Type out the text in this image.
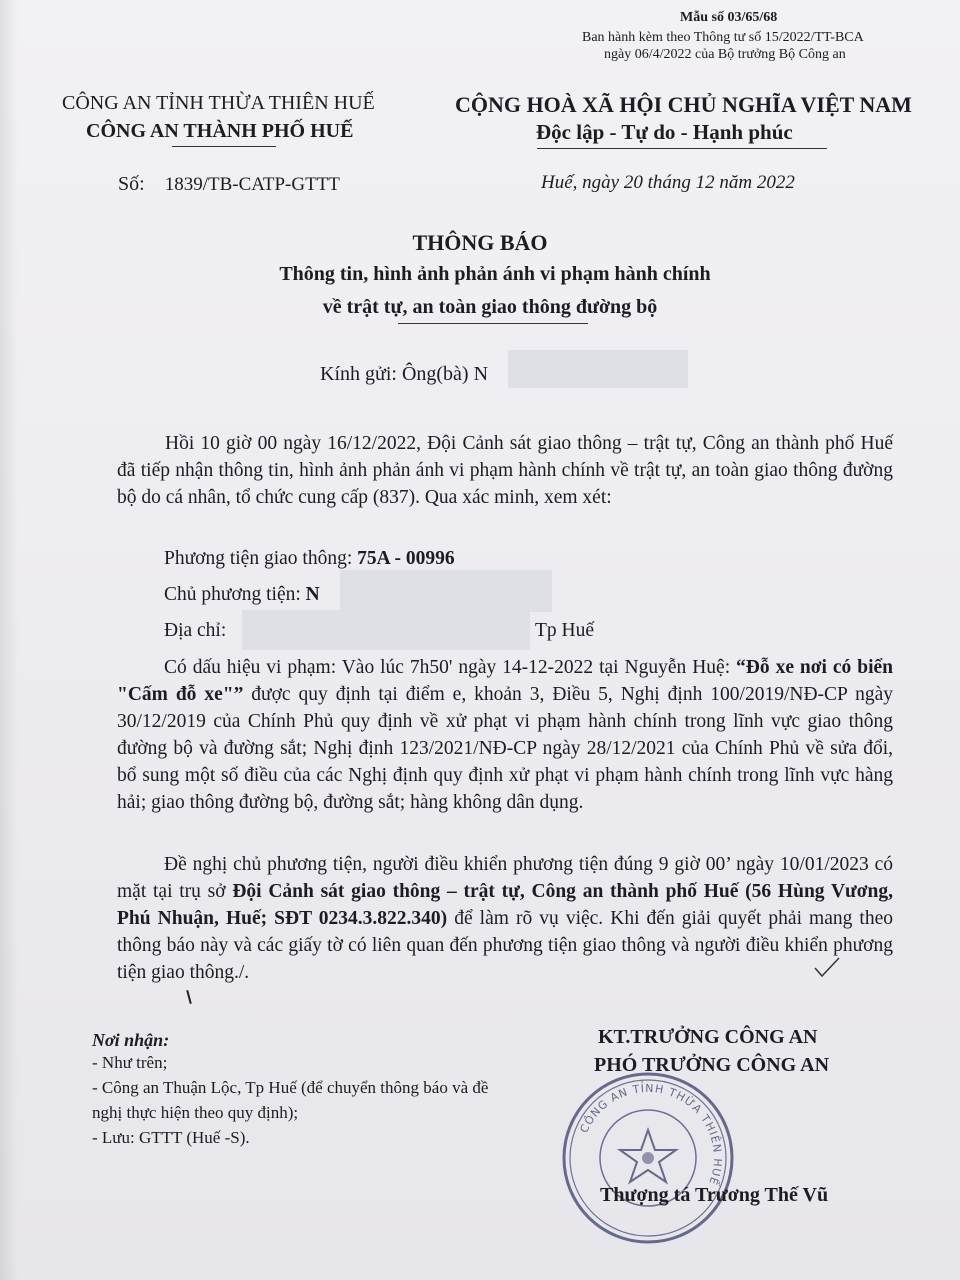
Mẫu số 03/65/68
Ban hành kèm theo Thông tư số 15/2022/TT-BCA
ngày 06/4/2022 của Bộ trưởng Bộ Công an
CÔNG AN TỈNH THỪA THIÊN HUẾ
CÔNG AN THÀNH PHỐ HUẾ
CỘNG HOÀ XÃ HỘI CHỦ NGHĨA VIỆT NAM
Độc lập - Tự do - Hạnh phúc
Số: 1839/TB-CATP-GTTT	Huế, ngày 20 tháng 12 năm 2022
THÔNG BÁO
Thông tin, hình ảnh phản ánh vi phạm hành chính
về trật tự, an toàn giao thông đường bộ
Kính gửi: Ông(bà) N
Hồi 10 giờ 00 ngày 16/12/2022, Đội Cảnh sát giao thông – trật tự, Công an thành phố Huế đã tiếp nhận thông tin, hình ảnh phản ánh vi phạm hành chính về trật tự, an toàn giao thông đường bộ do cá nhân, tổ chức cung cấp (837). Qua xác minh, xem xét:
Phương tiện giao thông: 75A - 00996
Chủ phương tiện: N
Địa chỉ:	Tp Huế
Có dấu hiệu vi phạm: Vào lúc 7h50' ngày 14-12-2022 tại Nguyễn Huệ: “Đỗ xe nơi có biển "Cấm đỗ xe"” được quy định tại điểm e, khoản 3, Điều 5, Nghị định 100/2019/NĐ-CP ngày 30/12/2019 của Chính Phủ quy định về xử phạt vi phạm hành chính trong lĩnh vực giao thông đường bộ và đường sắt; Nghị định 123/2021/NĐ-CP ngày 28/12/2021 của Chính Phủ về sửa đổi, bổ sung một số điều của các Nghị định quy định xử phạt vi phạm hành chính trong lĩnh vực hàng hải; giao thông đường bộ, đường sắt; hàng không dân dụng.
Đề nghị chủ phương tiện, người điều khiển phương tiện đúng 9 giờ 00’ ngày 10/01/2023 có mặt tại trụ sở Đội Cảnh sát giao thông – trật tự, Công an thành phố Huế (56 Hùng Vương, Phú Nhuận, Huế; SĐT 0234.3.822.340) để làm rõ vụ việc. Khi đến giải quyết phải mang theo thông báo này và các giấy tờ có liên quan đến phương tiện giao thông và người điều khiển phương tiện giao thông./.
Nơi nhận:
- Như trên;
- Công an Thuận Lộc, Tp Huế (để chuyển thông báo và đề nghị thực hiện theo quy định);
- Lưu: GTTT (Huế -S).
KT.TRƯỞNG CÔNG AN
PHÓ TRƯỞNG CÔNG AN
CÔNG AN TỈNH THỪA THIÊN HUẾ
Thượng tá Trương Thế Vũ
